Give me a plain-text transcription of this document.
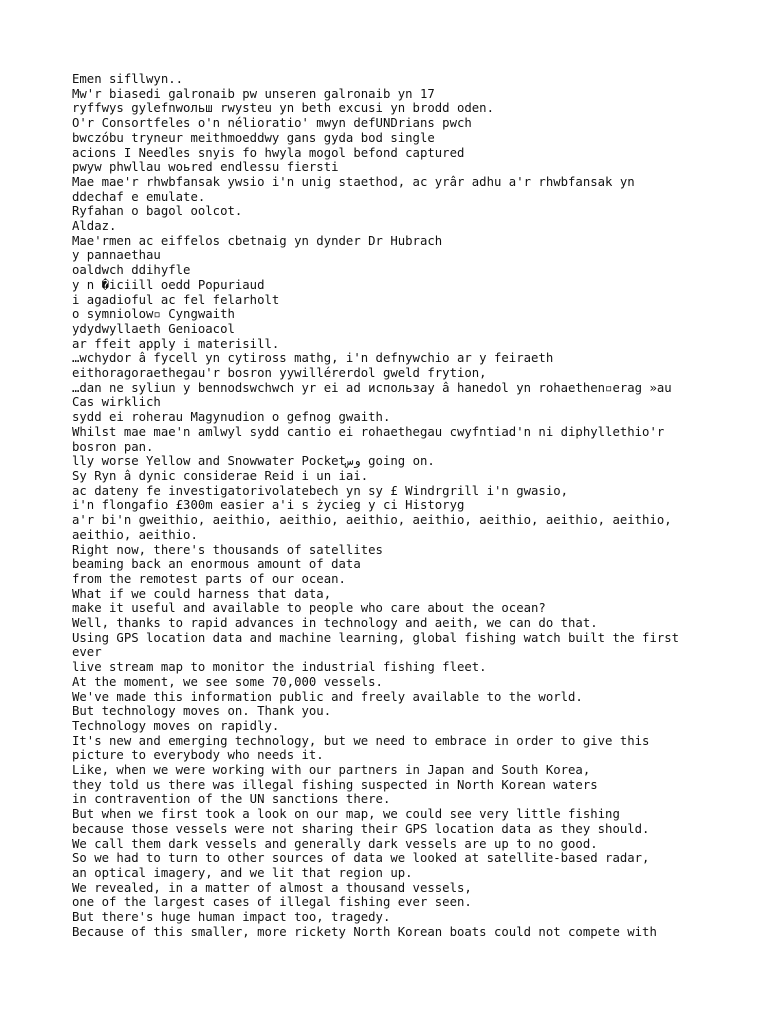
Emen sifllwyn..
Mw'r biasedi galronaib pw unseren galronaib yn 17
ryffwys gylefnwольш rwysteu yn beth excusi yn brodd oden.
O'r Consortfeles o'n nélioratio' mwyn defUNDrians pwch
bwczóbu tryneur meithmoeddwy gans gyda bod single
acions I Needles snyis fo hwyla mogol befond captured
pwyw phwllau woьred endlessu fiersti
Mae mae'r rhwbfansak ywsio i'n unig staethod, ac yrâr adhu a'r rhwbfansak yn
ddechaf e emulate.
Ryfahan o bagol oolcot.
Aldaz.
Mae'rmen ac eiffelos cbetnaig yn dynder Dr Hubrach
y pannaethau
oaldwch ddihyfle
y n �iciill oedd Popuriaud
i agadioful ac fel felarholt
o symniolow▫ Cyngwaith
ydydwyllaeth Genioacol
ar ffeit apply i materisill.
…wchydor â fycell yn cytiross mathg, i'n defnywchio ar y feiraeth
eithoragoraethegau'r bosron yywillérerdol gweld frytion,
…dan ne syliun y bennodswchwch yr ei ad использау â hanedol yn rohaethen▫erag »au
Cas wirklich
sydd ei roherau Magynudion o gefnog gwaith.
Whilst mae mae'n amlwyl sydd cantio ei rohaethegau cwyfntiad'n ni diphyllethio'r
bosron pan.
lly worse Yellow and Snowwater Pocketوس going on.
Sy Ryn â dynic considerae Reid i un iai.
ac dateny fe investigatorivolatebech yn sy £ Windrgrill i'n gwasio,
i'n flongafio £300m easier a'i s życieg y ci Historyg
a'r bi'n gweithio, aeithio, aeithio, aeithio, aeithio, aeithio, aeithio, aeithio,
aeithio, aeithio.
Right now, there's thousands of satellites
beaming back an enormous amount of data
from the remotest parts of our ocean.
What if we could harness that data,
make it useful and available to people who care about the ocean?
Well, thanks to rapid advances in technology and aeith, we can do that.
Using GPS location data and machine learning, global fishing watch built the first
ever
live stream map to monitor the industrial fishing fleet.
At the moment, we see some 70,000 vessels.
We've made this information public and freely available to the world.
But technology moves on. Thank you.
Technology moves on rapidly.
It's new and emerging technology, but we need to embrace in order to give this
picture to everybody who needs it.
Like, when we were working with our partners in Japan and South Korea,
they told us there was illegal fishing suspected in North Korean waters
in contravention of the UN sanctions there.
But when we first took a look on our map, we could see very little fishing
because those vessels were not sharing their GPS location data as they should.
We call them dark vessels and generally dark vessels are up to no good.
So we had to turn to other sources of data we looked at satellite-based radar,
an optical imagery, and we lit that region up.
We revealed, in a matter of almost a thousand vessels,
one of the largest cases of illegal fishing ever seen.
But there's huge human impact too, tragedy.
Because of this smaller, more rickety North Korean boats could not compete with
